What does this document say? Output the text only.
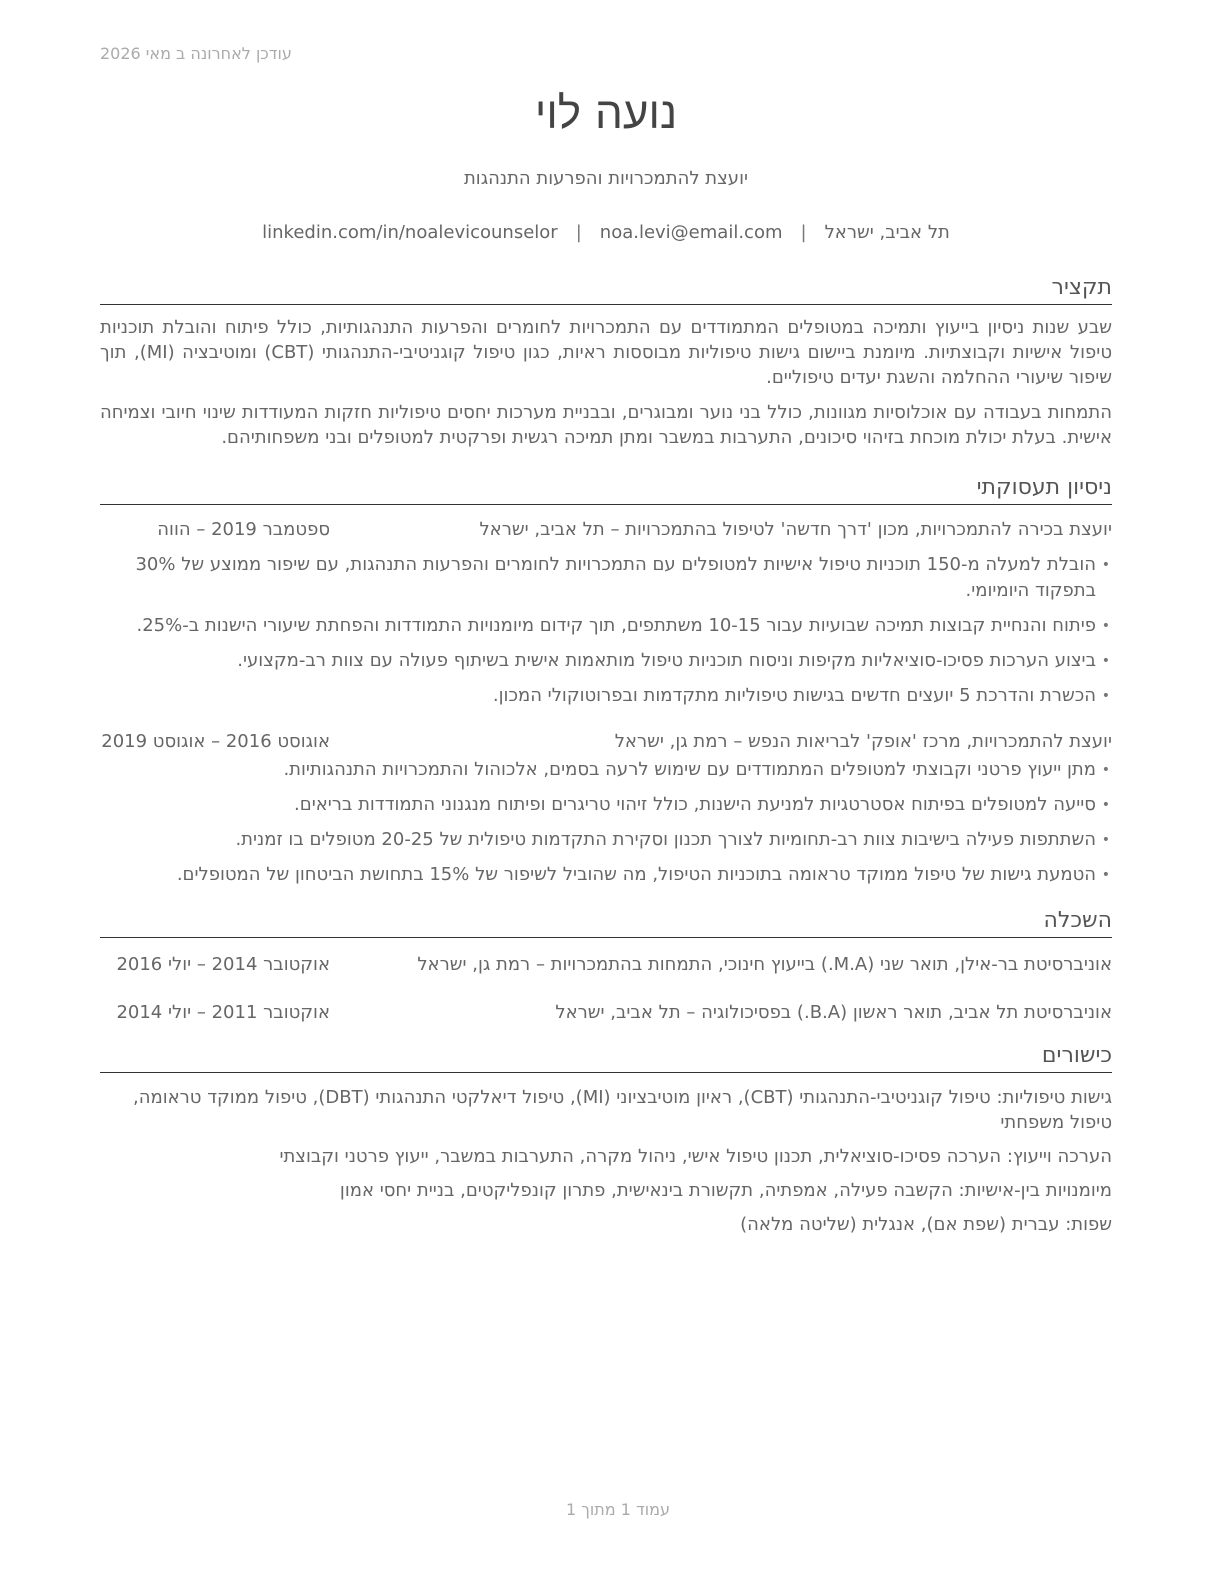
עודכן לאחרונה ב מאי 2026
נועה לוי
יועצת להתמכרויות והפרעות התנהגות
תל אביב, ישראל
|
noa.levi@email.com
|
linkedin.com/in/noalevicounselor
תקציר

שבע שנות ניסיון בייעוץ ותמיכה במטופלים המתמודדים עם התמכרויות לחומרים והפרעות התנהגותיות, כולל פיתוח והובלת תוכניות טיפול אישיות וקבוצתיות. מיומנת ביישום גישות טיפוליות מבוססות ראיות, כגון טיפול קוגניטיבי-התנהגותי (CBT) ומוטיבציה (MI), תוך שיפור שיעורי ההחלמה והשגת יעדים טיפוליים.

התמחות בעבודה עם אוכלוסיות מגוונות, כולל בני נוער ומבוגרים, ובבניית מערכות יחסים טיפוליות חזקות המעודדות שינוי חיובי וצמיחה אישית. בעלת יכולת מוכחת בזיהוי סיכונים, התערבות במשבר ומתן תמיכה רגשית ופרקטית למטופלים ובני משפחותיהם.

ניסיון תעסוקתי
יועצת בכירה להתמכרויות, מכון 'דרך חדשה' לטיפול בהתמכרויות – תל אביב, ישראל
ספטמבר 2019 – הווה
• הובלת למעלה מ-150 תוכניות טיפול אישיות למטופלים עם התמכרויות לחומרים והפרעות התנהגות, עם שיפור ממוצע של 30% בתפקוד היומיומי.
• פיתוח והנחיית קבוצות תמיכה שבועיות עבור 10-15 משתתפים, תוך קידום מיומנויות התמודדות והפחתת שיעורי הישנות ב-25%.
• ביצוע הערכות פסיכו-סוציאליות מקיפות וניסוח תוכניות טיפול מותאמות אישית בשיתוף פעולה עם צוות רב-מקצועי.
• הכשרת והדרכת 5 יועצים חדשים בגישות טיפוליות מתקדמות ובפרוטוקולי המכון.
יועצת להתמכרויות, מרכז 'אופק' לבריאות הנפש – רמת גן, ישראל
אוגוסט 2016 – אוגוסט 2019
• מתן ייעוץ פרטני וקבוצתי למטופלים המתמודדים עם שימוש לרעה בסמים, אלכוהול והתמכרויות התנהגותיות.
• סייעה למטופלים בפיתוח אסטרטגיות למניעת הישנות, כולל זיהוי טריגרים ופיתוח מנגנוני התמודדות בריאים.
• השתתפות פעילה בישיבות צוות רב-תחומיות לצורך תכנון וסקירת התקדמות טיפולית של 20-25 מטופלים בו זמנית.
• הטמעת גישות של טיפול ממוקד טראומה בתוכניות הטיפול, מה שהוביל לשיפור של 15% בתחושת הביטחון של המטופלים.
השכלה
אוניברסיטת בר-אילן, תואר שני (M.A.) בייעוץ חינוכי, התמחות בהתמכרויות – רמת גן, ישראל
אוקטובר 2014 – יולי 2016
אוניברסיטת תל אביב, תואר ראשון (B.A.) בפסיכולוגיה – תל אביב, ישראל
אוקטובר 2011 – יולי 2014
כישורים
גישות טיפוליות: טיפול קוגניטיבי-התנהגותי (CBT), ראיון מוטיבציוני (MI), טיפול דיאלקטי התנהגותי (DBT), טיפול ממוקד טראומה, טיפול משפחתי
הערכה וייעוץ: הערכה פסיכו-סוציאלית, תכנון טיפול אישי, ניהול מקרה, התערבות במשבר, ייעוץ פרטני וקבוצתי
מיומנויות בין-אישיות: הקשבה פעילה, אמפתיה, תקשורת בינאישית, פתרון קונפליקטים, בניית יחסי אמון
שפות: עברית (שפת אם), אנגלית (שליטה מלאה)
עמוד 1 מתוך 1
